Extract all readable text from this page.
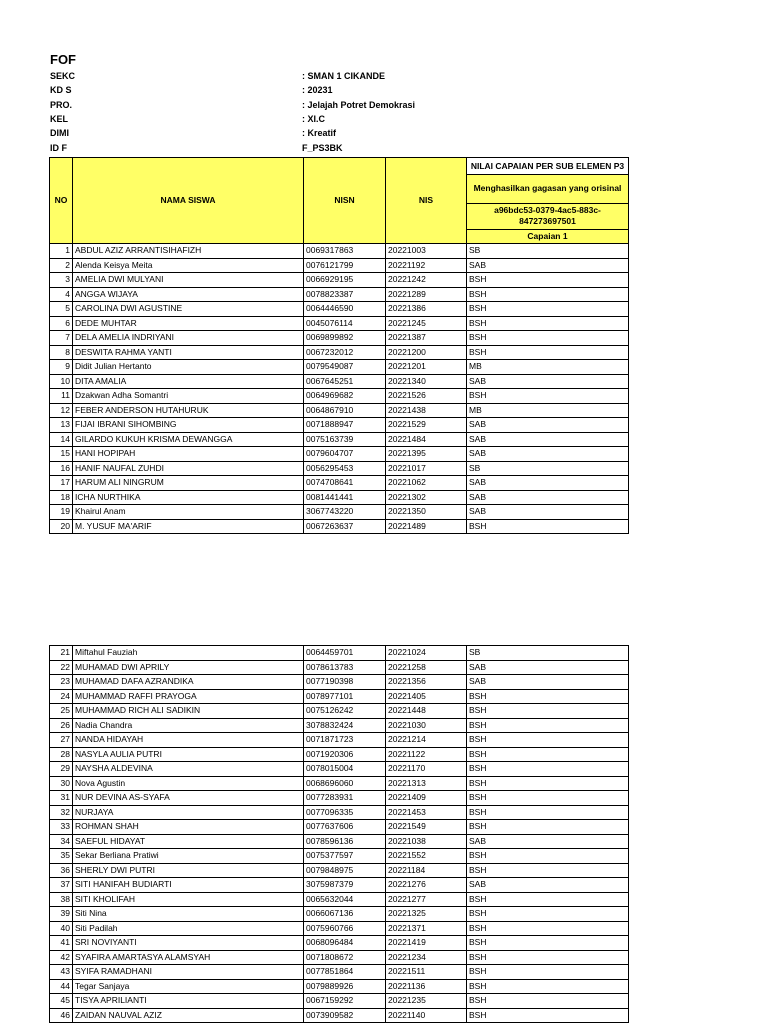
FOF
SEKC	: SMAN 1 CIKANDE
KD S	: 20231
PRO.	: Jelajah Potret Demokrasi
KEL	: XI.C
DIMI	: Kreatif
ID F	F_PS3BK
NO	NAMA SISWA	NISN	NIS	NILAI CAPAIAN PER SUB ELEMEN P3
				Menghasilkan gagasan yang orisinal
				a96bdc53-0379-4ac5-883c-847273697501
				Capaian 1
1	ABDUL AZIZ ARRANTISIHAFIZH	0069317863	20221003	SB
2	Alenda Keisya Meita	0076121799	20221192	SAB
3	AMELIA DWI MULYANI	0066929195	20221242	BSH
4	ANGGA WIJAYA	0078823387	20221289	BSH
5	CAROLINA DWI AGUSTINE	0064446590	20221386	BSH
6	DEDE MUHTAR	0045076114	20221245	BSH
7	DELA AMELIA INDRIYANI	0069899892	20221387	BSH
8	DESWITA RAHMA YANTI	0067232012	20221200	BSH
9	Didit Julian Hertanto	0079549087	20221201	MB
10	DITA AMALIA	0067645251	20221340	SAB
11	Dzakwan Adha Somantri	0064969682	20221526	BSH
12	FEBER ANDERSON HUTAHURUK	0064867910	20221438	MB
13	FIJAI IBRANI SIHOMBING	0071888947	20221529	SAB
14	GILARDO KUKUH KRISMA DEWANGGA	0075163739	20221484	SAB
15	HANI HOPIPAH	0079604707	20221395	SAB
16	HANIF NAUFAL ZUHDI	0056295453	20221017	SB
17	HARUM ALI NINGRUM	0074708641	20221062	SAB
18	ICHA NURTHIKA	0081441441	20221302	SAB
19	Khairul Anam	3067743220	20221350	SAB
20	M. YUSUF MA'ARIF	0067263637	20221489	BSH
21	Miftahul Fauziah	0064459701	20221024	SB
22	MUHAMAD DWI APRILY	0078613783	20221258	SAB
23	MUHAMAD DAFA AZRANDIKA	0077190398	20221356	SAB
24	MUHAMMAD RAFFI PRAYOGA	0078977101	20221405	BSH
25	MUHAMMAD RICH ALI SADIKIN	0075126242	20221448	BSH
26	Nadia Chandra	3078832424	20221030	BSH
27	NANDA HIDAYAH	0071871723	20221214	BSH
28	NASYLA AULIA PUTRI	0071920306	20221122	BSH
29	NAYSHA ALDEVINA	0078015004	20221170	BSH
30	Nova Agustin	0068696060	20221313	BSH
31	NUR DEVINA AS-SYAFA	0077283931	20221409	BSH
32	NURJAYA	0077096335	20221453	BSH
33	ROHMAN SHAH	0077637606	20221549	BSH
34	SAEFUL HIDAYAT	0078596136	20221038	SAB
35	Sekar Berliana Pratiwi	0075377597	20221552	BSH
36	SHERLY DWI PUTRI	0079848975	20221184	BSH
37	SITI HANIFAH BUDIARTI	3075987379	20221276	SAB
38	SITI KHOLIFAH	0065632044	20221277	BSH
39	Siti Nina	0066067136	20221325	BSH
40	Siti Padilah	0075960766	20221371	BSH
41	SRI NOVIYANTI	0068096484	20221419	BSH
42	SYAFIRA AMARTASYA ALAMSYAH	0071808672	20221234	BSH
43	SYIFA RAMADHANI	0077851864	20221511	BSH
44	Tegar Sanjaya	0079889926	20221136	BSH
45	TISYA APRILIANTI	0067159292	20221235	BSH
46	ZAIDAN NAUVAL AZIZ	0073909582	20221140	BSH
